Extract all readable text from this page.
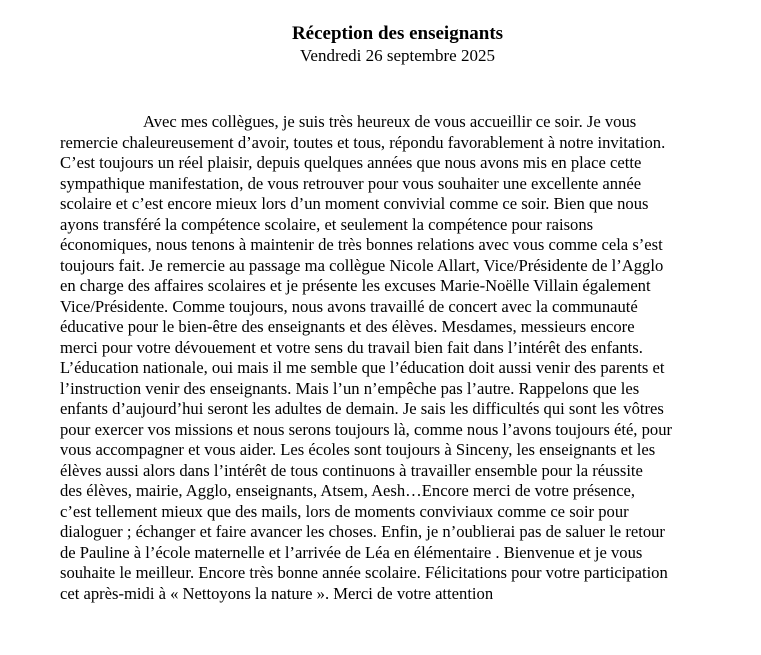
Réception des enseignants
Vendredi 26 septembre 2025
Avec mes collègues, je suis très heureux de vous accueillir ce soir. Je vous
remercie chaleureusement d’avoir, toutes et tous, répondu favorablement à notre invitation.
C’est toujours un réel plaisir, depuis quelques années que nous avons mis en place cette
sympathique manifestation, de vous retrouver pour vous souhaiter une excellente année
scolaire et c’est encore mieux lors d’un moment convivial comme ce soir. Bien que nous
ayons transféré la compétence scolaire, et seulement la compétence pour raisons
économiques, nous tenons à maintenir de très bonnes relations avec vous comme cela s’est
toujours fait. Je remercie au passage ma collègue Nicole Allart, Vice/Présidente de l’Agglo
en charge des affaires scolaires et je présente les excuses Marie-Noëlle Villain également
Vice/Présidente. Comme toujours, nous avons travaillé de concert avec la communauté
éducative pour le bien-être des enseignants et des élèves. Mesdames, messieurs encore
merci pour votre dévouement et votre sens du travail bien fait dans l’intérêt des enfants.
L’éducation nationale, oui mais il me semble que l’éducation doit aussi venir des parents et
l’instruction venir des enseignants. Mais l’un n’empêche pas l’autre. Rappelons que les
enfants d’aujourd’hui seront les adultes de demain. Je sais les difficultés qui sont les vôtres
pour exercer vos missions et nous serons toujours là, comme nous l’avons toujours été, pour
vous accompagner et vous aider. Les écoles sont toujours à Sinceny, les enseignants et les
élèves aussi alors dans l’intérêt de tous continuons à travailler ensemble pour la réussite
des élèves, mairie, Agglo, enseignants, Atsem, Aesh…Encore merci de votre présence,
c’est tellement mieux que des mails, lors de moments conviviaux comme ce soir pour
dialoguer ; échanger et faire avancer les choses. Enfin, je n’oublierai pas de saluer le retour
de Pauline à l’école maternelle et l’arrivée de Léa en élémentaire . Bienvenue et je vous
souhaite le meilleur. Encore très bonne année scolaire. Félicitations pour votre participation
cet après-midi à « Nettoyons la nature ». Merci de votre attention
